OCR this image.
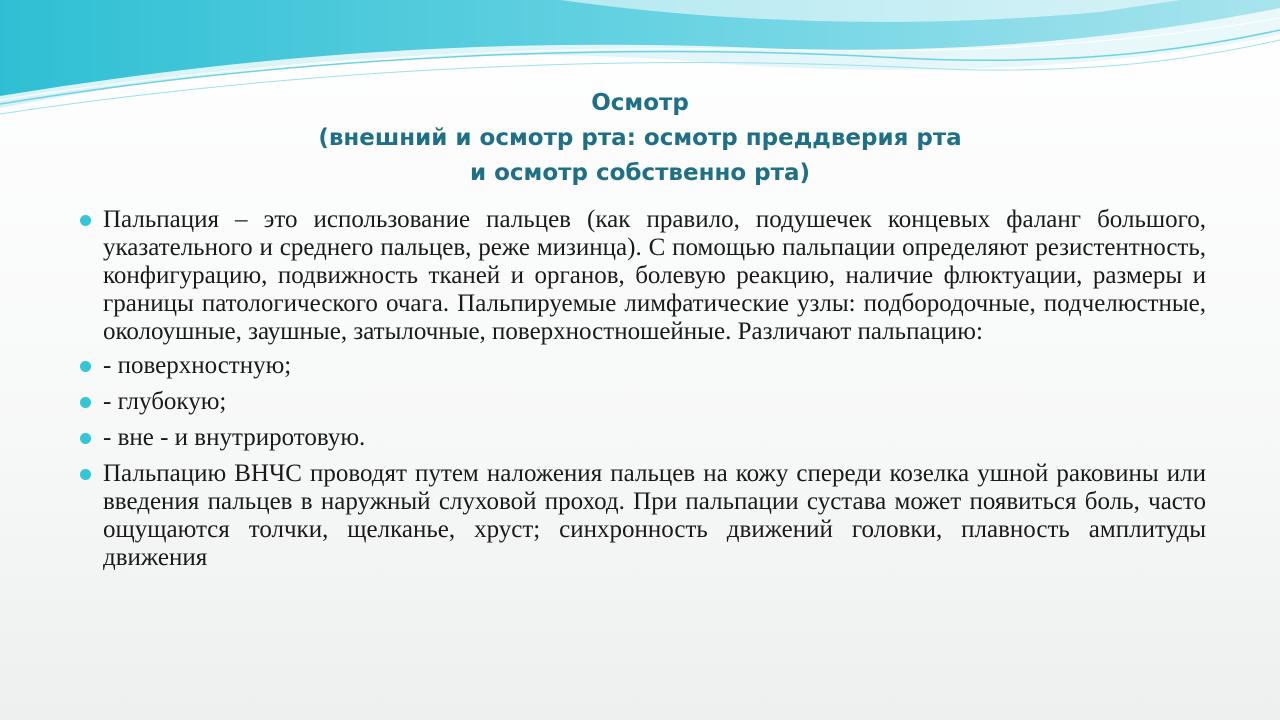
Осмотр
(внешний и осмотр рта: осмотр преддверия рта
и осмотр собственно рта)
Пальпация – это использование пальцев (как правило, подушечек концевых фаланг большого, указательного и среднего пальцев, реже мизинца). С помощью пальпации определяют резистентность, конфигурацию, подвижность тканей и органов, болевую реакцию, наличие флюктуации, размеры и границы патологического очага. Пальпируемые лимфатические узлы: подбородочные, подчелюстные, околоушные, заушные, затылочные, поверхностношейные. Различают пальпацию:
- поверхностную;
- глубокую;
- вне - и внутриротовую.
Пальпацию ВНЧС проводят путем наложения пальцев на кожу спереди козелка ушной раковины или введения пальцев в наружный слуховой проход. При пальпации сустава может появиться боль, часто ощущаются толчки, щелканье, хруст; синхронность движений головки, плавность амплитуды движения
